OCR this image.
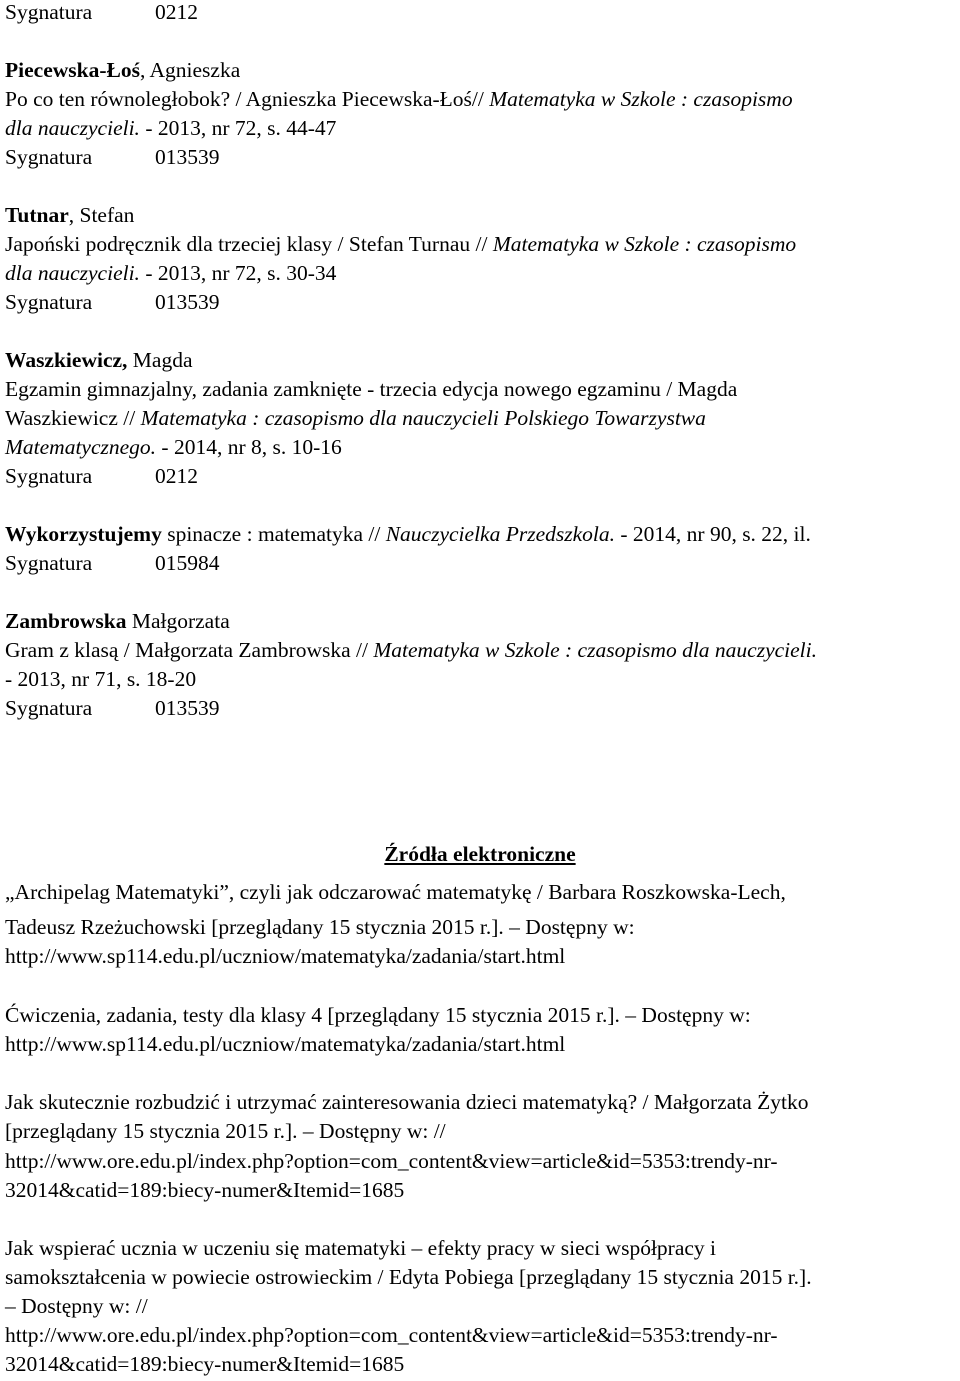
Sygnatura	0212
Piecewska-Łoś, Agnieszka
Po co ten równoległobok? / Agnieszka Piecewska-Łoś// Matematyka w Szkole : czasopismo
dla nauczycieli. - 2013, nr 72, s. 44-47
Sygnatura	013539
Tutnar, Stefan
Japoński podręcznik dla trzeciej klasy / Stefan Turnau // Matematyka w Szkole : czasopismo
dla nauczycieli. - 2013, nr 72, s. 30-34
Sygnatura	013539
Waszkiewicz, Magda
Egzamin gimnazjalny, zadania zamknięte - trzecia edycja nowego egzaminu / Magda
Waszkiewicz // Matematyka : czasopismo dla nauczycieli Polskiego Towarzystwa
Matematycznego. - 2014, nr 8, s. 10-16
Sygnatura	0212
Wykorzystujemy spinacze : matematyka // Nauczycielka Przedszkola. - 2014, nr 90, s. 22, il.
Sygnatura	015984
Zambrowska Małgorzata
Gram z klasą / Małgorzata Zambrowska // Matematyka w Szkole : czasopismo dla nauczycieli.
- 2013, nr 71, s. 18-20
Sygnatura	013539
Źródła elektroniczne
„Archipelag Matematyki”, czyli jak odczarować matematykę / Barbara Roszkowska-Lech,
Tadeusz Rzeżuchowski [przeglądany 15 stycznia 2015 r.]. – Dostępny w:
http://www.sp114.edu.pl/uczniow/matematyka/zadania/start.html
Ćwiczenia, zadania, testy dla klasy 4 [przeglądany 15 stycznia 2015 r.]. – Dostępny w:
http://www.sp114.edu.pl/uczniow/matematyka/zadania/start.html
Jak skutecznie rozbudzić i utrzymać zainteresowania dzieci matematyką? / Małgorzata Żytko
[przeglądany 15 stycznia 2015 r.]. – Dostępny w: //
http://www.ore.edu.pl/index.php?option=com_content&view=article&id=5353:trendy-nr-
32014&catid=189:biecy-numer&Itemid=1685
Jak wspierać ucznia w uczeniu się matematyki – efekty pracy w sieci współpracy i
samokształcenia w powiecie ostrowieckim / Edyta Pobiega [przeglądany 15 stycznia 2015 r.].
– Dostępny w: //
http://www.ore.edu.pl/index.php?option=com_content&view=article&id=5353:trendy-nr-
32014&catid=189:biecy-numer&Itemid=1685
